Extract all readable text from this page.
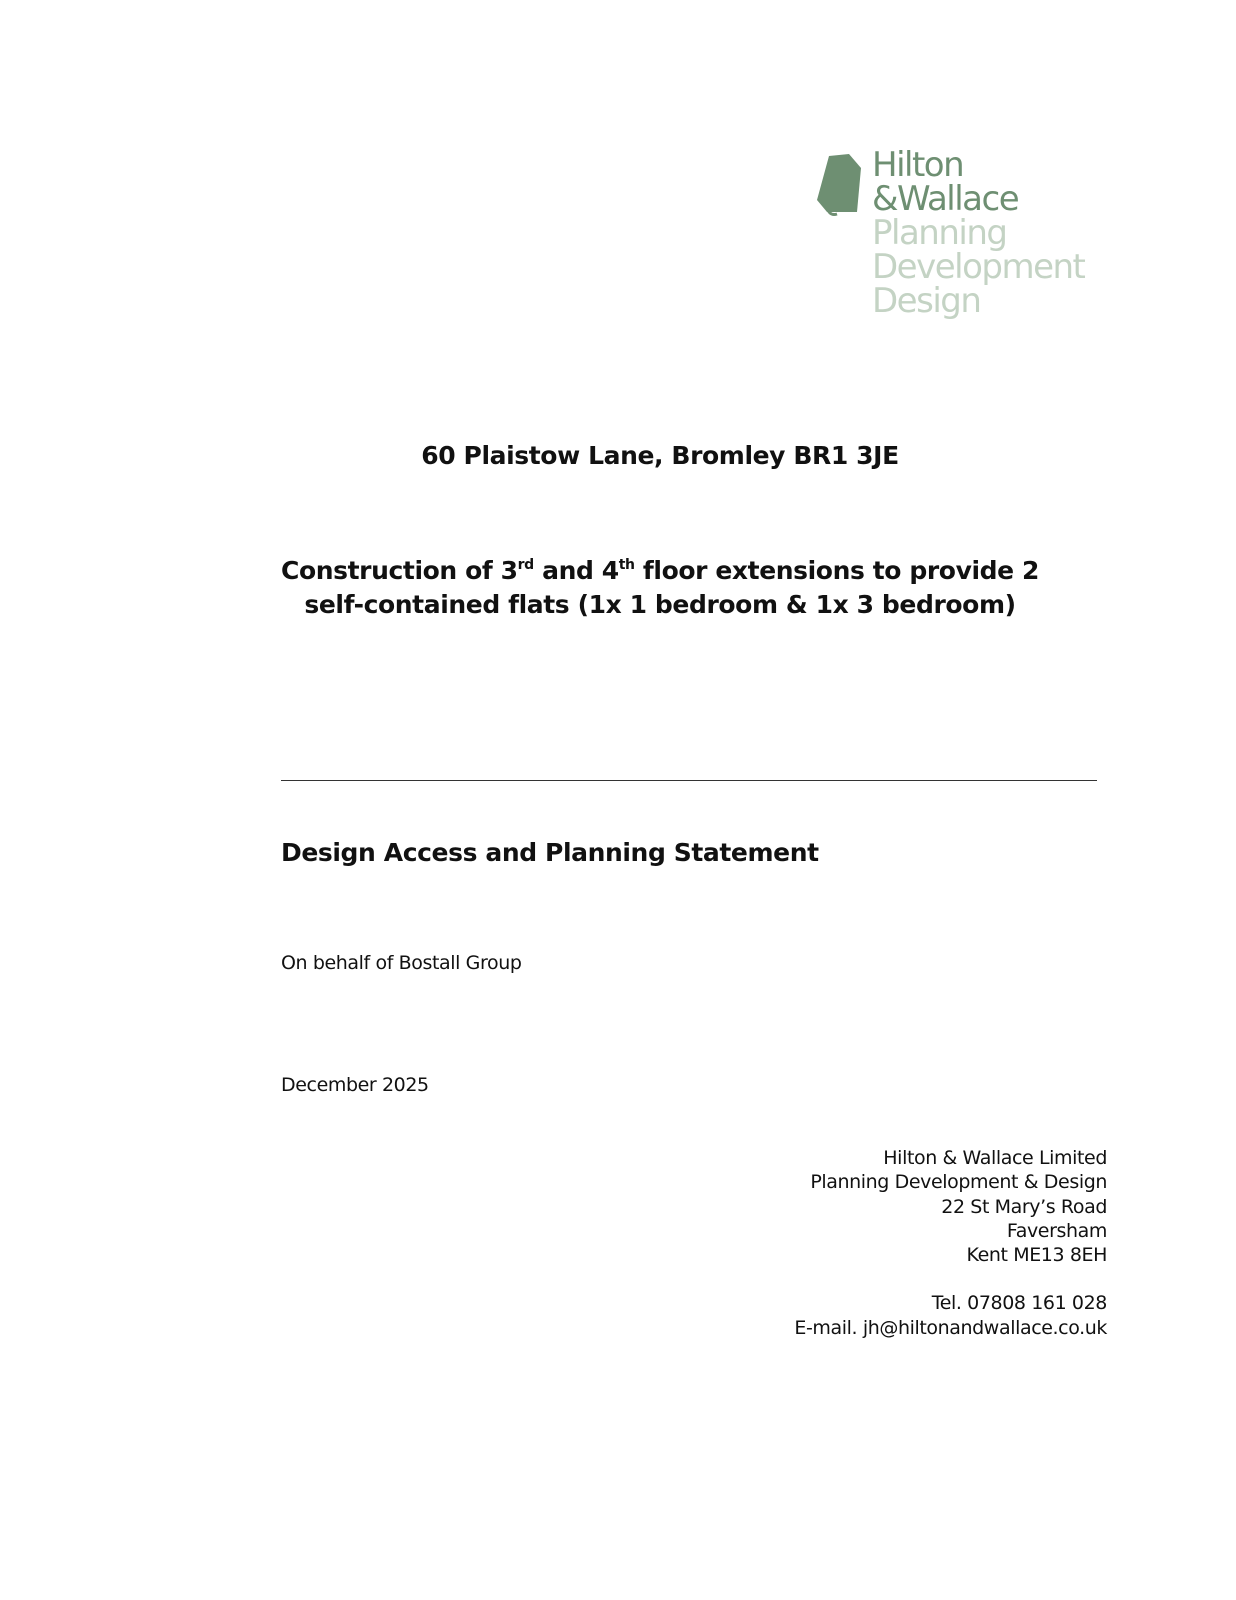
Hilton
&Wallace
Planning
Development
Design
60 Plaistow Lane, Bromley BR1 3JE
Construction of 3rd and 4th floor extensions to provide 2 self-contained flats (1x 1 bedroom & 1x 3 bedroom)
Design Access and Planning Statement
On behalf of Bostall Group
December 2025
Hilton & Wallace Limited
Planning Development & Design
22 St Mary’s Road
Faversham
Kent ME13 8EH
Tel. 07808 161 028
E-mail. jh@hiltonandwallace.co.uk
